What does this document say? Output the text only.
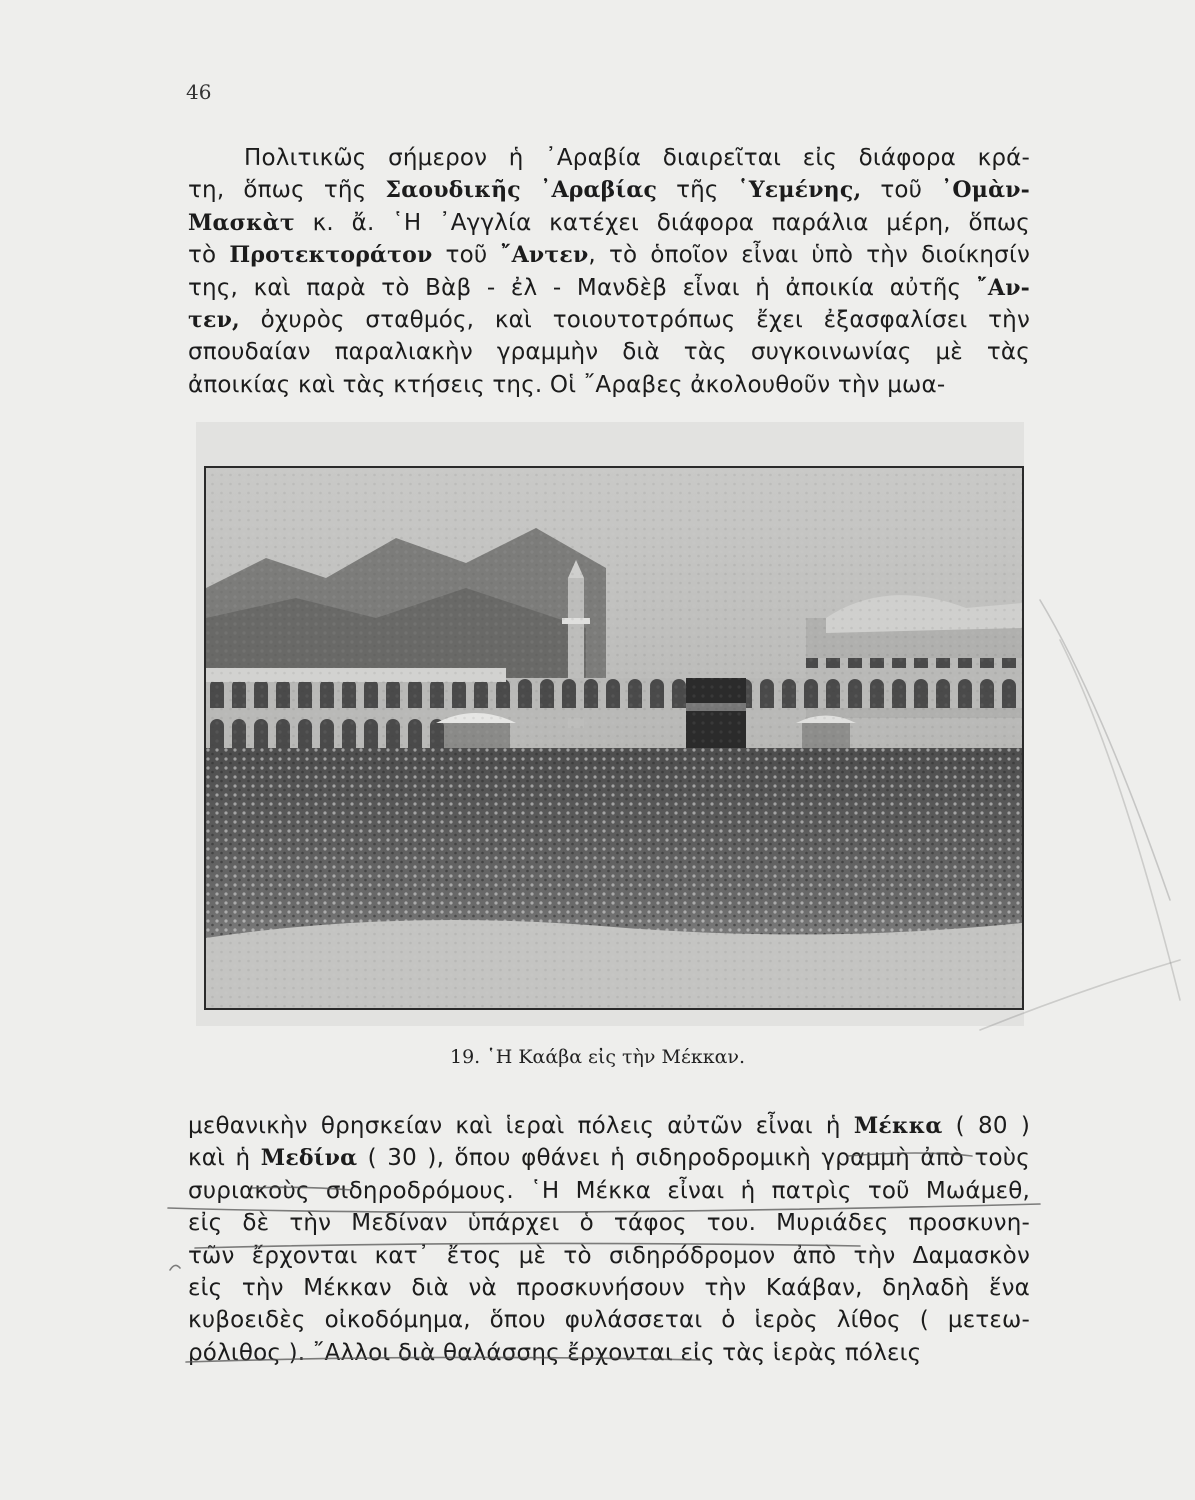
46
Πολιτικῶς σήμερον ἡ ᾿Αραβία διαιρεῖται εἰς διάφορα κρά-
τη, ὅπως τῆς Σαουδικῆς ᾽Αραβίας τῆς ῾Υεμένης, τοῦ ᾽Ομὰν-
Μασκὰτ κ. ἄ. ῾Η ᾽Αγγλία κατέχει διάφορα παράλια μέρη, ὅπως
τὸ Προτεκτοράτον τοῦ ῎Αντεν, τὸ ὁποῖον εἶναι ὑπὸ τὴν διοίκησίν
της, καὶ παρὰ τὸ Βὰβ - ἐλ - Μανδὲβ εἶναι ἡ ἀποικία αὐτῆς ῎Αν-
τεν, ὀχυρὸς σταθμός, καὶ τοιουτοτρόπως ἔχει ἐξασφαλίσει τὴν
σπουδαίαν παραλιακὴν γραμμὴν διὰ τὰς συγκοινωνίας μὲ τὰς
ἀποικίας καὶ τὰς κτήσεις της. Οἱ ῎Αραβες ἀκολουθοῦν τὴν μωα-
19. ῾Η Καάβα εἰς τὴν Μέκκαν.
μεθανικὴν θρησκείαν καὶ ἱεραὶ πόλεις αὐτῶν εἶναι ἡ Μέκκα ( 80 )
καὶ ἡ Μεδίνα ( 30 ), ὅπου φθάνει ἡ σιδηροδρομικὴ γραμμὴ ἀπὸ τοὺς
συριακοὺς σιδηροδρόμους. ῾Η Μέκκα εἶναι ἡ πατρὶς τοῦ Μωάμεθ,
εἰς δὲ τὴν Μεδίναν ὑπάρχει ὁ τάφος του. Μυριάδες προσκυνη-
τῶν ἔρχονται κατ᾽ ἔτος μὲ τὸ σιδηρόδρομον ἀπὸ τὴν Δαμασκὸν
εἰς τὴν Μέκκαν διὰ νὰ προσκυνήσουν τὴν Καάβαν, δηλαδὴ ἕνα
κυβοειδὲς οἰκοδόμημα, ὅπου φυλάσσεται ὁ ἱερὸς λίθος ( μετεω-
ρόλιθος ). ῎Αλλοι διὰ θαλάσσης ἔρχονται εἰς τὰς ἱερὰς πόλεις
